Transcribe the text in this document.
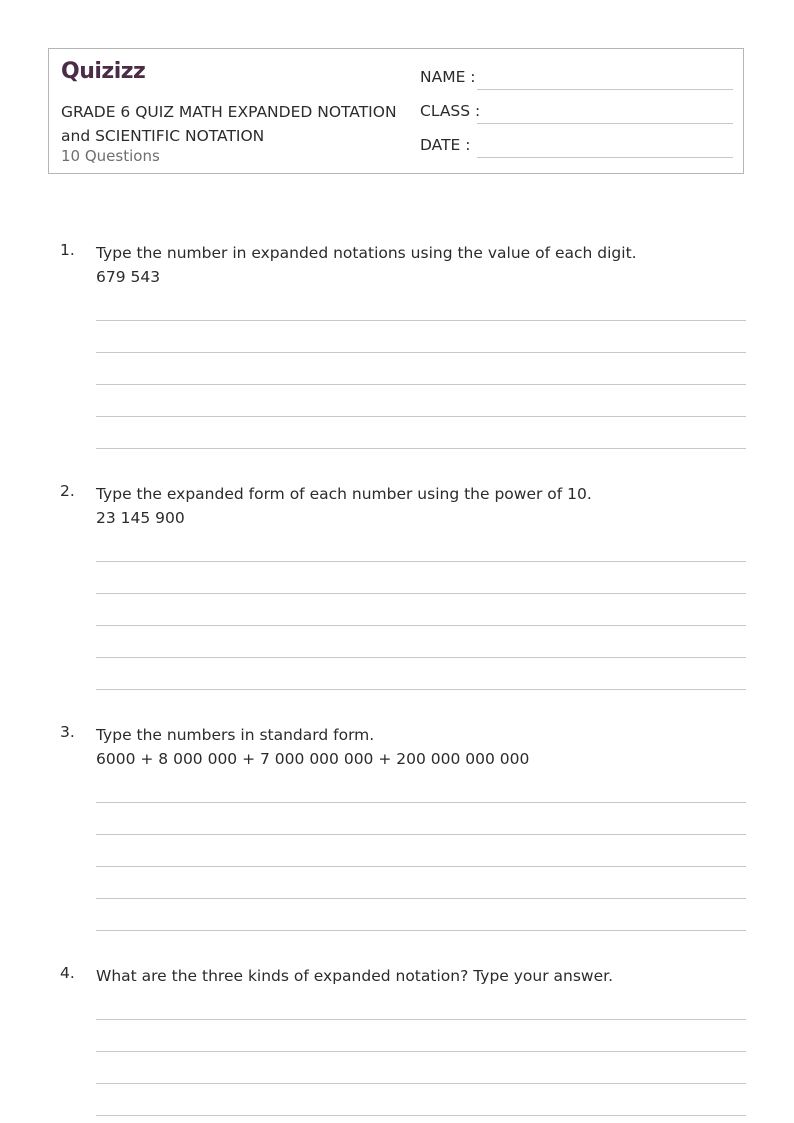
Quizizz
GRADE 6 QUIZ MATH EXPANDED NOTATION and SCIENTIFIC NOTATION
10 Questions
NAME :
CLASS :
DATE :
1. Type the number in expanded notations using the value of each digit.
679 543
2. Type the expanded form of each number using the power of 10.
23 145 900
3. Type the numbers in standard form.
6000 + 8 000 000 + 7 000 000 000 + 200 000 000 000
4. What are the three kinds of expanded notation? Type your answer.
